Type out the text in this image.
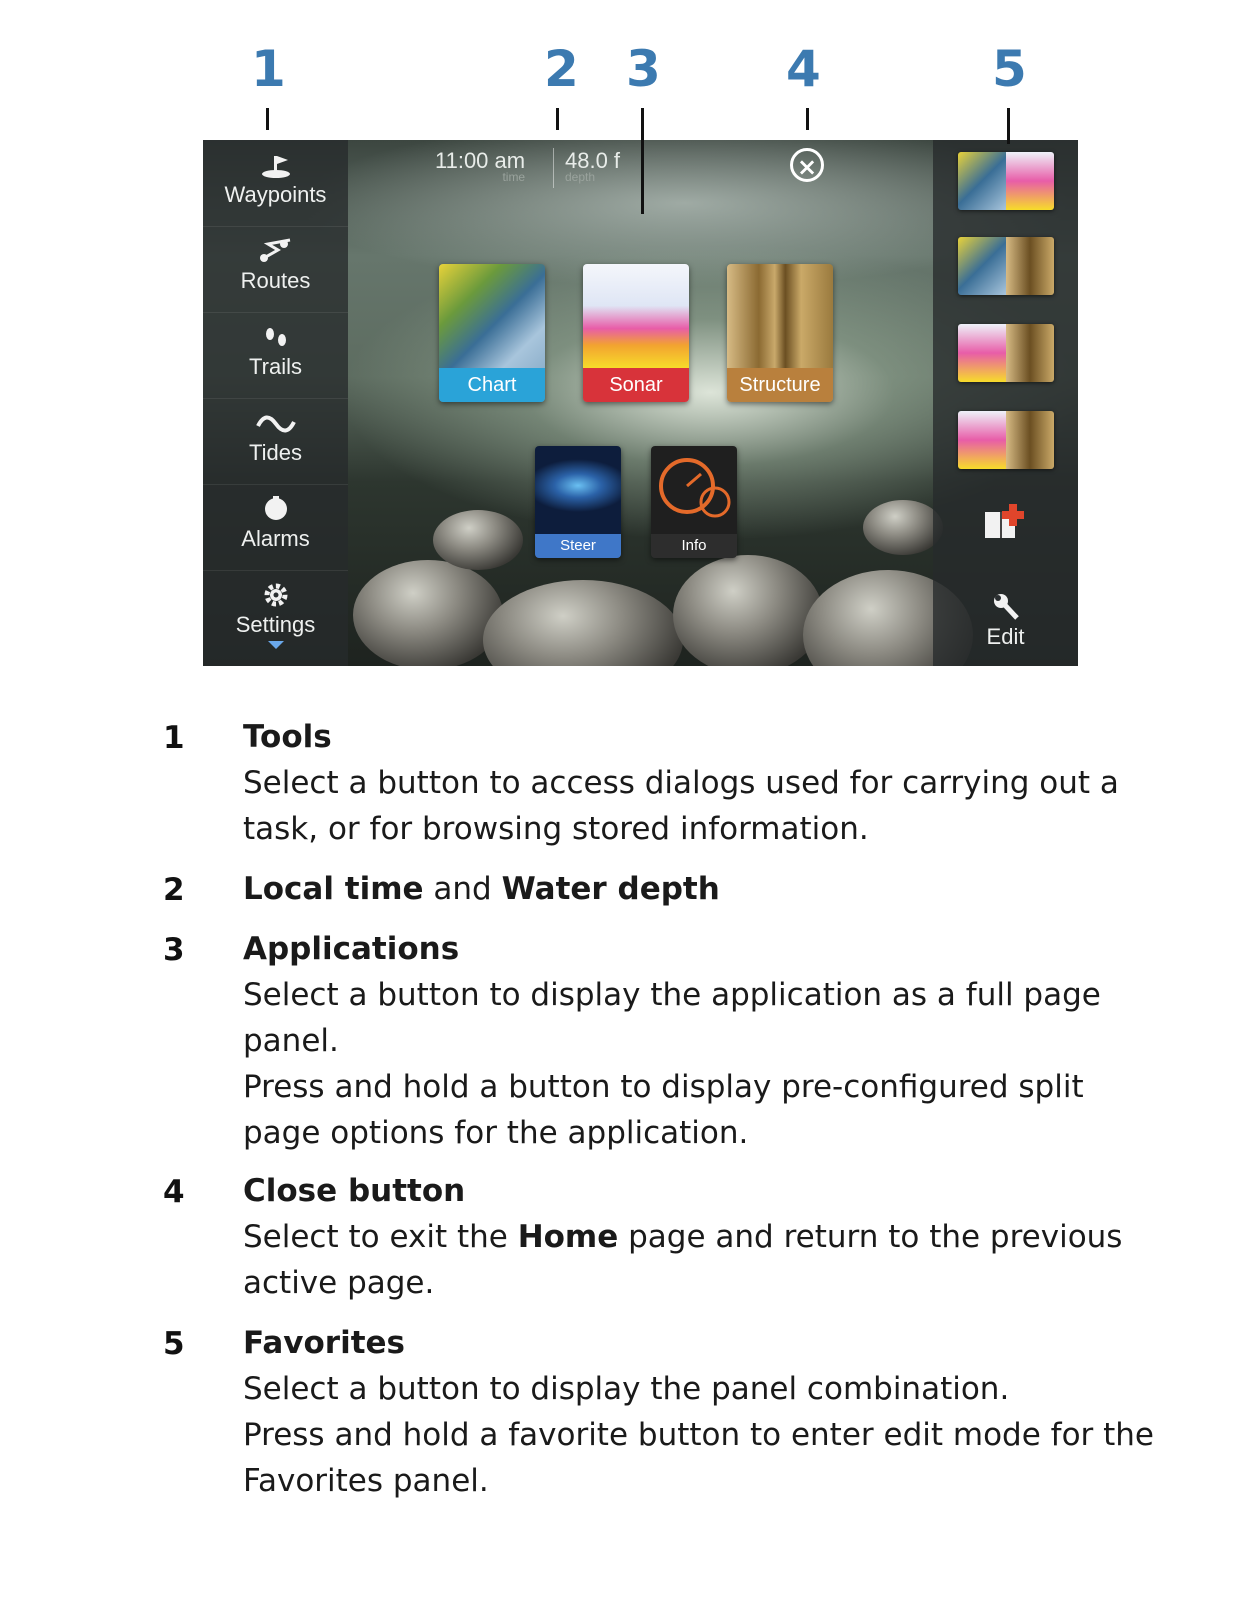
1	2 3	4	5
Waypoints
Routes
Trails
Tides
Alarms
Settings
11:00 am
time
48.0 f
depth	×
Chart	Sonar	Structure
Steer	Info
Edit
1 Tools
Select a button to access dialogs used for carrying out a
task, or for browsing stored information.
2 Local time and Water depth
3 Applications
Select a button to display the application as a full page
panel.
Press and hold a button to display pre-configured split
page options for the application.
4 Close button
Select to exit the Home page and return to the previous
active page.
5 Favorites
Select a button to display the panel combination.
Press and hold a favorite button to enter edit mode for the
Favorites panel.
